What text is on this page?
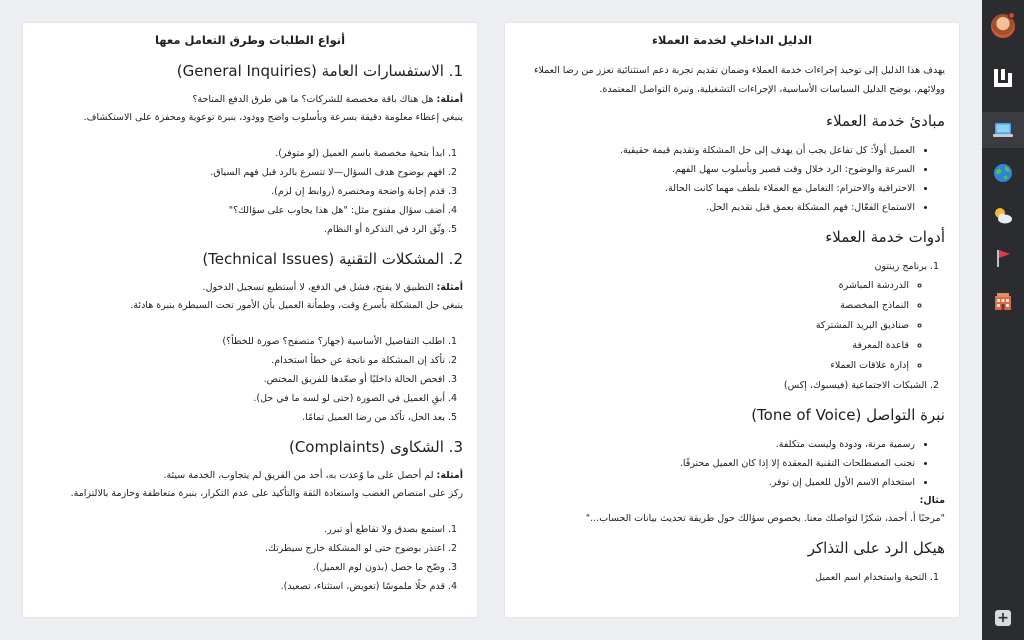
الدليل الداخلي لخدمة العملاء
يهدف هذا الدليل إلى توحيد إجراءات خدمة العملاء وضمان تقديم تجربة دعم استثنائية تعزز من رضا العملاء وولائهم. يوضح الدليل السياسات الأساسية، الإجراءات التشغيلية، ونبرة التواصل المعتمدة.
مبادئ خدمة العملاء
• العميل أولاً: كل تفاعل يجب أن يهدف إلى حل المشكلة وتقديم قيمة حقيقية.
• السرعة والوضوح: الرد خلال وقت قصير وبأسلوب سهل الفهم.
• الاحترافية والاحترام: التعامل مع العملاء بلطف مهما كانت الحالة.
• الاستماع الفعّال: فهم المشكلة بعمق قبل تقديم الحل.
أدوات خدمة العملاء
1. برنامج زينتون
◦ الدردشة المباشرة
◦ النماذج المخصصة
◦ صناديق البريد المشتركة
◦ قاعدة المعرفة
◦ إدارة علاقات العملاء
2. الشبكات الاجتماعية (فيسبوك، إكس)
نبرة التواصل (Tone of Voice)
• رسمية مرنة، ودودة وليست متكلفة.
• تجنب المصطلحات التقنية المعقدة إلا إذا كان العميل محترفًا.
• استخدام الاسم الأول للعميل إن توفر.
مثال:
"مرحبًا أ. أحمد، شكرًا لتواصلك معنا. بخصوص سؤالك حول طريقة تحديث بيانات الحساب..."
هيكل الرد على التذاكر
1. التحية واستخدام اسم العميل
أنواع الطلبات وطرق التعامل معها
1. الاستفسارات العامة (General Inquiries)
أمثلة: هل هناك باقة مخصصة للشركات؟ ما هي طرق الدفع المتاحة؟
ينبغي إعطاء معلومة دقيقة بسرعة وبأسلوب واضح وودود، بنبرة توعوية ومحفزة على الاستكشاف.
1. ابدأ بتحية مخصصة باسم العميل (لو متوفر).
2. افهم بوضوح هدف السؤال—لا تتسرع بالرد قبل فهم السياق.
3. قدم إجابة واضحة ومختصرة (روابط إن لزم).
4. أضف سؤال مفتوح مثل: "هل هذا يجاوب على سؤالك؟"
5. وثّق الرد في التذكرة أو النظام.
2. المشكلات التقنية (Technical Issues)
أمثلة: التطبيق لا يفتح، فشل في الدفع، لا أستطيع تسجيل الدخول.
ينبغي حل المشكلة بأسرع وقت، وطمأنة العميل بأن الأمور تحت السيطرة بنبرة هادئة.
1. اطلب التفاصيل الأساسية (جهاز؟ متصفح؟ صورة للخطأ؟)
2. تأكد إن المشكلة مو ناتجة عن خطأ استخدام.
3. افحص الحالة داخليًا أو صعّدها للفريق المختص.
4. أبقِ العميل في الصورة (حتى لو لسه ما في حل).
5. بعد الحل، تأكد من رضا العميل تمامًا.
3. الشكاوى (Complaints)
أمثلة: لم أحصل على ما وُعدت به، أحد من الفريق لم يتجاوب، الخدمة سيئة.
ركز على امتصاص الغضب واستعادة الثقة والتأكيد على عدم التكرار، بنبرة متعاطفة وحازمة بالالتزامة.
1. استمع بصدق ولا تقاطع أو تبرر.
2. اعتذر بوضوح حتى لو المشكلة خارج سيطرتك.
3. وضّح ما حصل (بدون لوم العميل).
4. قدم حلًا ملموسًا (تعويض، استثناء، تصعيد).
+
